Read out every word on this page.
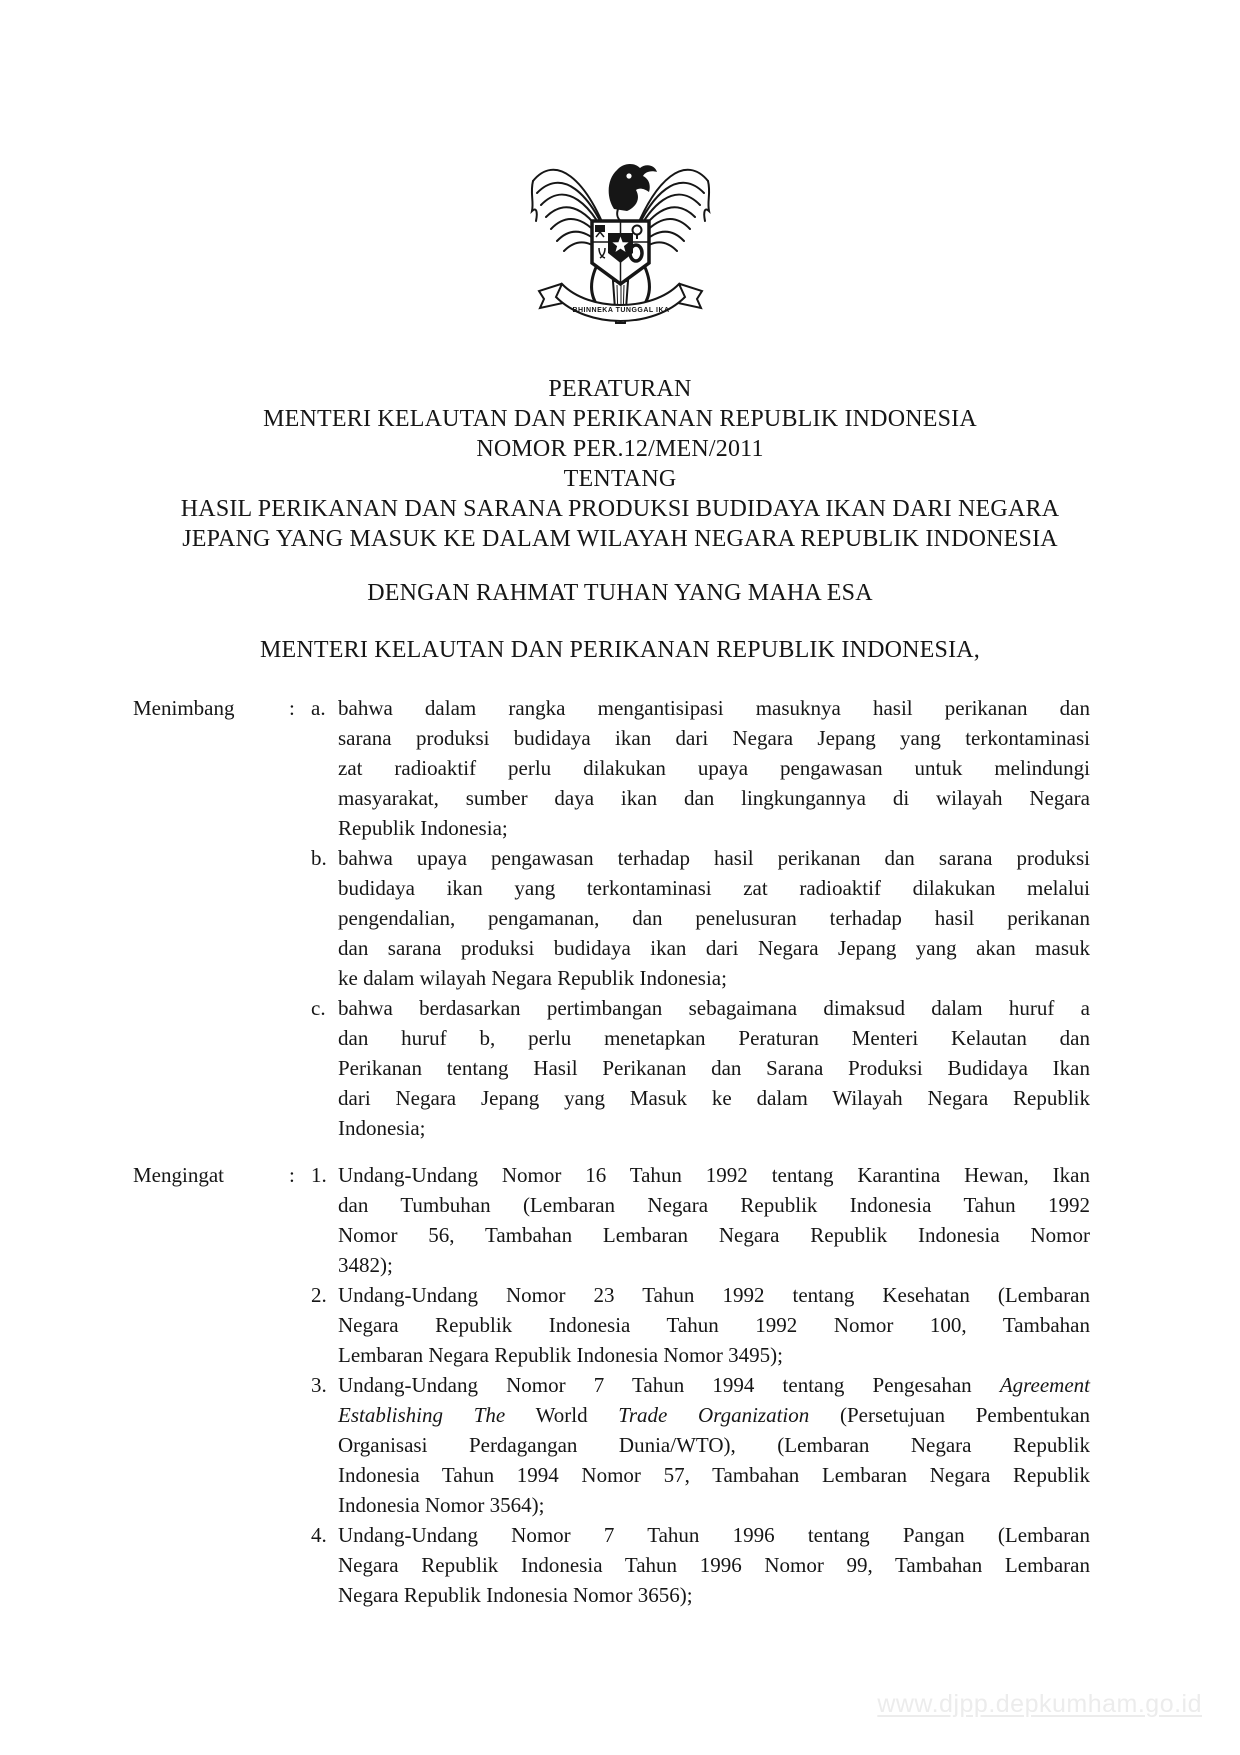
BHINNEKA TUNGGAL IKA
PERATURAN
MENTERI KELAUTAN DAN PERIKANAN REPUBLIK INDONESIA
NOMOR PER.12/MEN/2011
TENTANG
HASIL PERIKANAN DAN SARANA PRODUKSI BUDIDAYA IKAN DARI NEGARA
JEPANG YANG MASUK KE DALAM WILAYAH NEGARA REPUBLIK INDONESIA
DENGAN RAHMAT TUHAN YANG MAHA ESA
MENTERI KELAUTAN DAN PERIKANAN REPUBLIK INDONESIA,
Menimbang	: a. bahwa dalam rangka mengantisipasi masuknya hasil perikanan dan
sarana produksi budidaya ikan dari Negara Jepang yang terkontaminasi
zat radioaktif perlu dilakukan upaya pengawasan untuk melindungi
masyarakat, sumber daya ikan dan lingkungannya di wilayah Negara
Republik Indonesia;
b. bahwa upaya pengawasan terhadap hasil perikanan dan sarana produksi
budidaya ikan yang terkontaminasi zat radioaktif dilakukan melalui
pengendalian, pengamanan, dan penelusuran terhadap hasil perikanan
dan sarana produksi budidaya ikan dari Negara Jepang yang akan masuk
ke dalam wilayah Negara Republik Indonesia;
c. bahwa berdasarkan pertimbangan sebagaimana dimaksud dalam huruf a
dan huruf b, perlu menetapkan Peraturan Menteri Kelautan dan
Perikanan tentang Hasil Perikanan dan Sarana Produksi Budidaya Ikan
dari Negara Jepang yang Masuk ke dalam Wilayah Negara Republik
Indonesia;
Mengingat	: 1. Undang-Undang Nomor 16 Tahun 1992 tentang Karantina Hewan, Ikan
dan Tumbuhan (Lembaran Negara Republik Indonesia Tahun 1992
Nomor 56, Tambahan Lembaran Negara Republik Indonesia Nomor
3482);
2. Undang-Undang Nomor 23 Tahun 1992 tentang Kesehatan (Lembaran
Negara Republik Indonesia Tahun 1992 Nomor 100, Tambahan
Lembaran Negara Republik Indonesia Nomor 3495);
3. Undang-Undang Nomor 7 Tahun 1994 tentang Pengesahan Agreement
Establishing The World Trade Organization (Persetujuan Pembentukan
Organisasi Perdagangan Dunia/WTO), (Lembaran Negara Republik
Indonesia Tahun 1994 Nomor 57, Tambahan Lembaran Negara Republik
Indonesia Nomor 3564);
4. Undang-Undang Nomor 7 Tahun 1996 tentang Pangan (Lembaran
Negara Republik Indonesia Tahun 1996 Nomor 99, Tambahan Lembaran
Negara Republik Indonesia Nomor 3656);
www.djpp.depkumham.go.id
